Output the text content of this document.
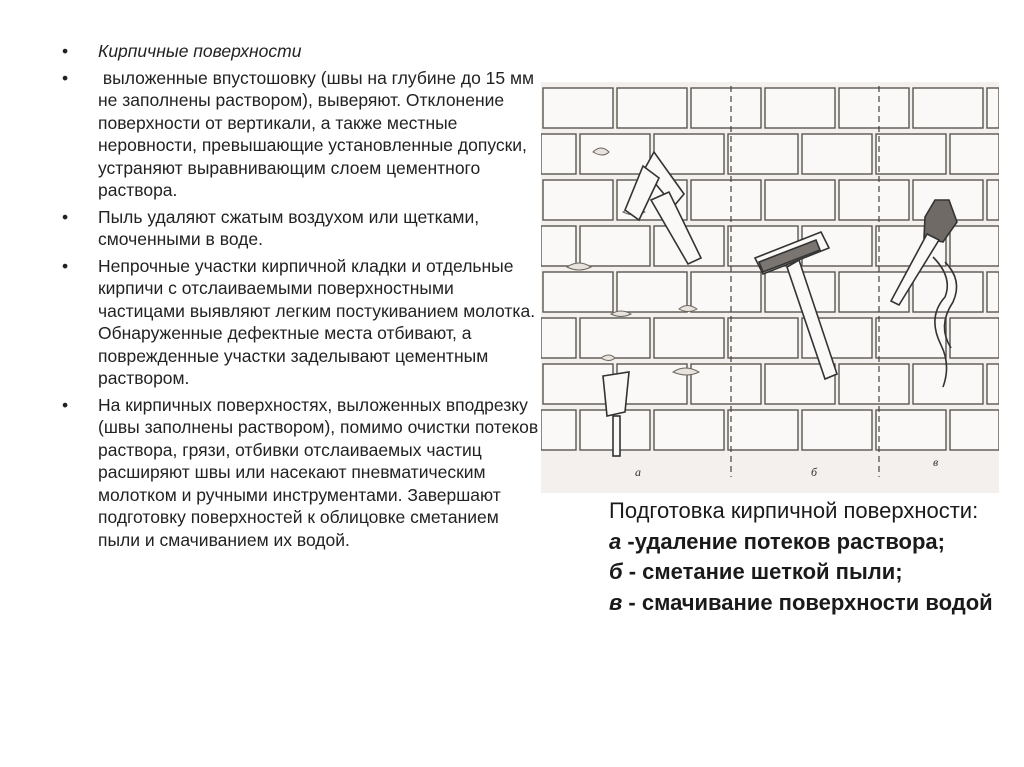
• Кирпичные поверхности
• выложенные впустошовку (швы на глубине до 15 мм не заполнены раствором), выверяют. Отклонение поверхности от вертикали, а также местные неровности, превышающие установленные допуски, устраняют выравнивающим слоем цементного раствора.
• Пыль удаляют сжатым воздухом или щетками, смоченными в воде.
• Непрочные участки кирпичной кладки и отдельные кирпичи с отслаиваемыми поверхностными частицами выявляют легким постукиванием молотка. Обнаруженные дефектные места отбивают, а поврежденные участки заделывают цементным раствором.
• На кирпичных поверхностях, выложенных вподрезку (швы заполнены раствором), помимо очистки потеков раствора, грязи, отбивки отслаиваемых частиц расширяют швы или насекают пневматическим молотком и ручными инструментами. Завершают подготовку поверхностей к облицовке сметанием пыли и смачиванием их водой.
а	б
в
Подготовка кирпичной поверхности:
а -удаление потеков раствора;
б - сметание шеткой пыли;
в - смачивание поверхности водой
